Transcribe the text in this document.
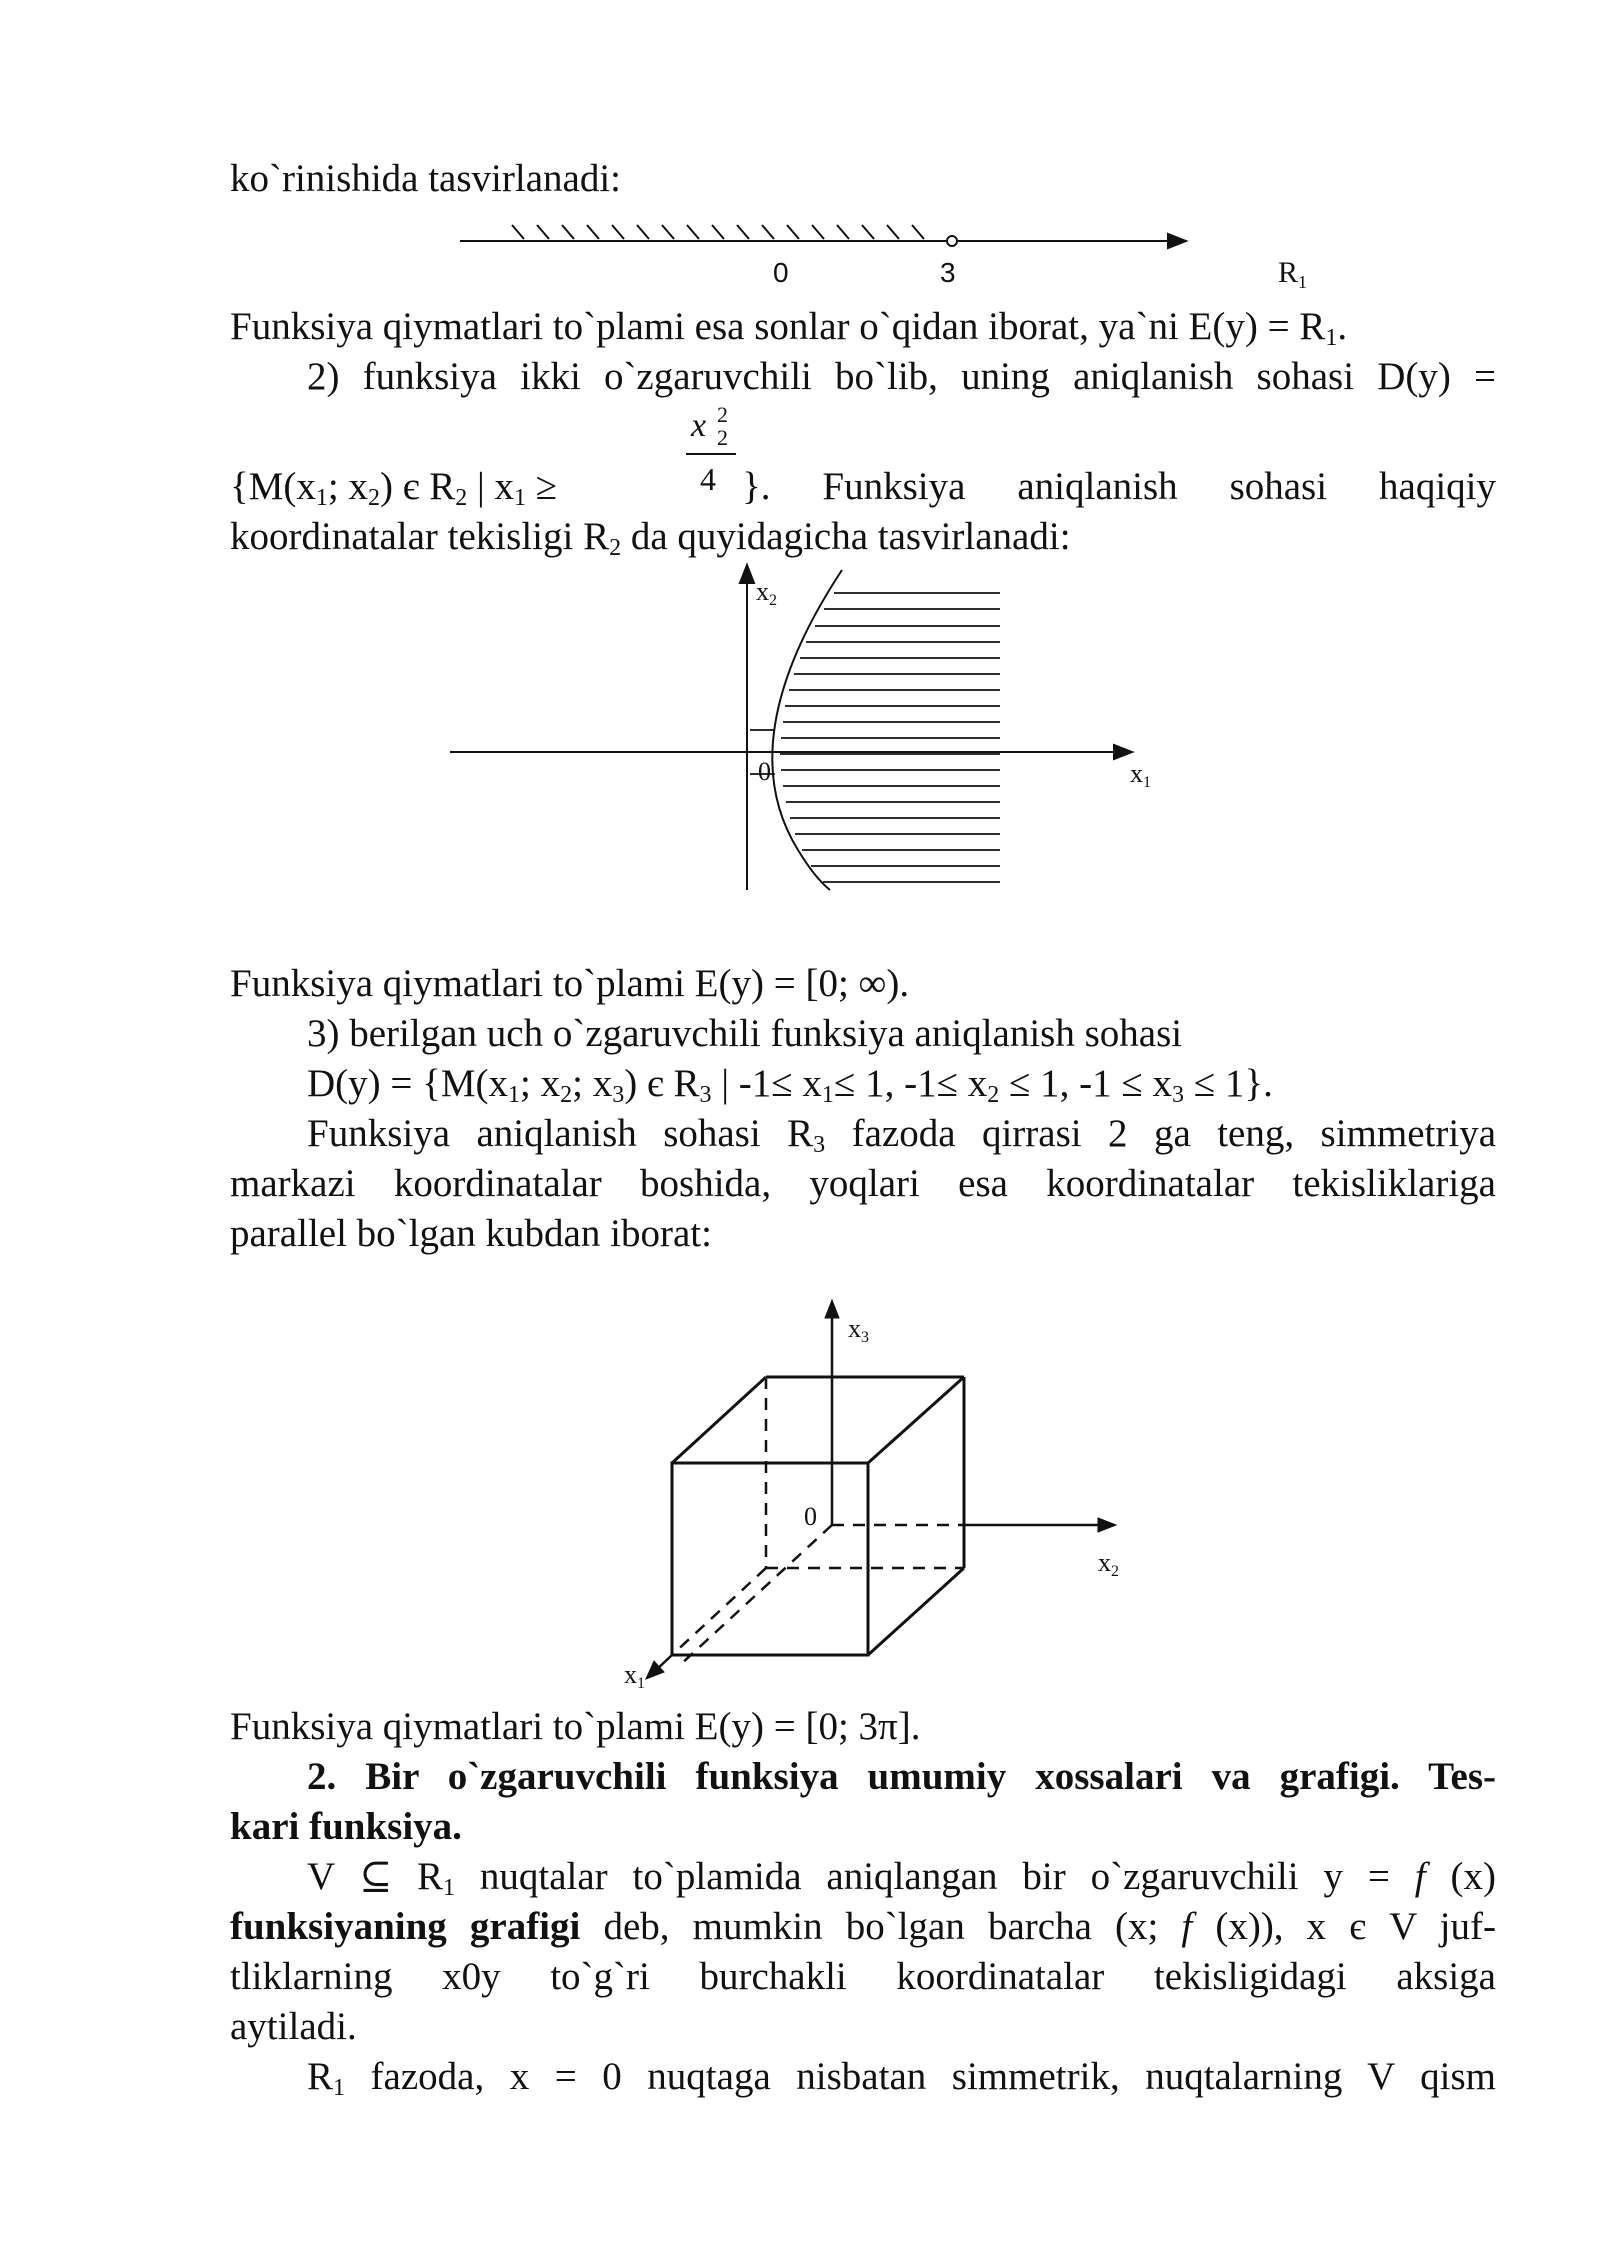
ko`rinishida tasvirlanadi:
0	3	$R_1$
Funksiya qiymatlari to`plami esa sonlar o`qidan iborat, ya`ni $E(y) = R_1$.
2) funksiya ikki o`zgaruvchili bo`lib, uning aniqlanish sohasi D(y) =
x 2
2
4
{$M(x_1$; $x_2$) є $R_2$ | $x_1$ ≥	}. Funksiya aniqlanish sohasi haqiqiy
koordinatalar tekisligi $R_2$ da quyidagicha tasvirlanadi:
x2
0	x1
Funksiya qiymatlari to`plami E(y) = [0; ∞).
3) berilgan uch o`zgaruvchili funksiya aniqlanish sohasi
$D(y) = \{M(x_1$; $x_2$; $x_3$) є $R_3$ | $-1\le x_1\le 1$, $-1\le x_2 \le 1$, $-1 \le x_3 \le 1$}.
Funksiya aniqlanish sohasi $R_3$ fazoda qirrasi 2 ga teng, simmetriya
markazi koordinatalar boshida, yoqlari esa koordinatalar tekisliklariga
parallel bo`lgan kubdan iborat:
x3
0
x2
x1
Funksiya qiymatlari to`plami E(y) = [0; 3π].
2. Bir o`zgaruvchili funksiya umumiy xossalari va grafigi. Tes-
kari funksiya.
V ⊆ $R_1$ nuqtalar to`plamida aniqlangan bir o`zgaruvchili y = f (x)
funksiyaning grafigi deb, mumkin bo`lgan barcha (x; f (x)), x є V juf-
tliklarning x0y to`g`ri burchakli koordinatalar tekisligidagi aksiga
aytiladi.
$R_1$ fazoda, x = 0 nuqtaga nisbatan simmetrik, nuqtalarning V qism
